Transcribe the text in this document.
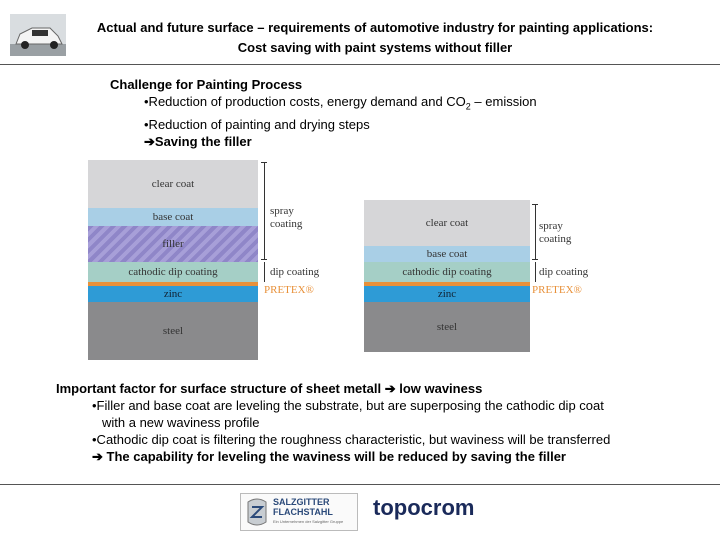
Actual and future surface – requirements of automotive industry for painting applications:
Cost saving with paint systems without filler
Challenge for Painting Process
•Reduction of production costs, energy demand and $CO_2$ – emission
•Reduction of painting and drying steps
➔Saving the filler
clear coat
base coat
filler
cathodic dip coating
zinc
steel
spray
coating
dip coating
PRETEX®
clear coat
base coat
cathodic dip coating
zinc
steel
spray
coating
dip coating
PRETEX®
Important factor for surface structure of sheet metall ➔ low waviness
•Filler and base coat are leveling the substrate, but are superposing the cathodic dip coat
with a new waviness profile
•Cathodic dip coat is filtering the roughness characteristic, but waviness will be transferred
➔ The capability for leveling the waviness will be reduced by saving the filler
SALZGITTER
FLACHSTAHL
Ein Unternehmen der Salzgitter Gruppe
topocrom
